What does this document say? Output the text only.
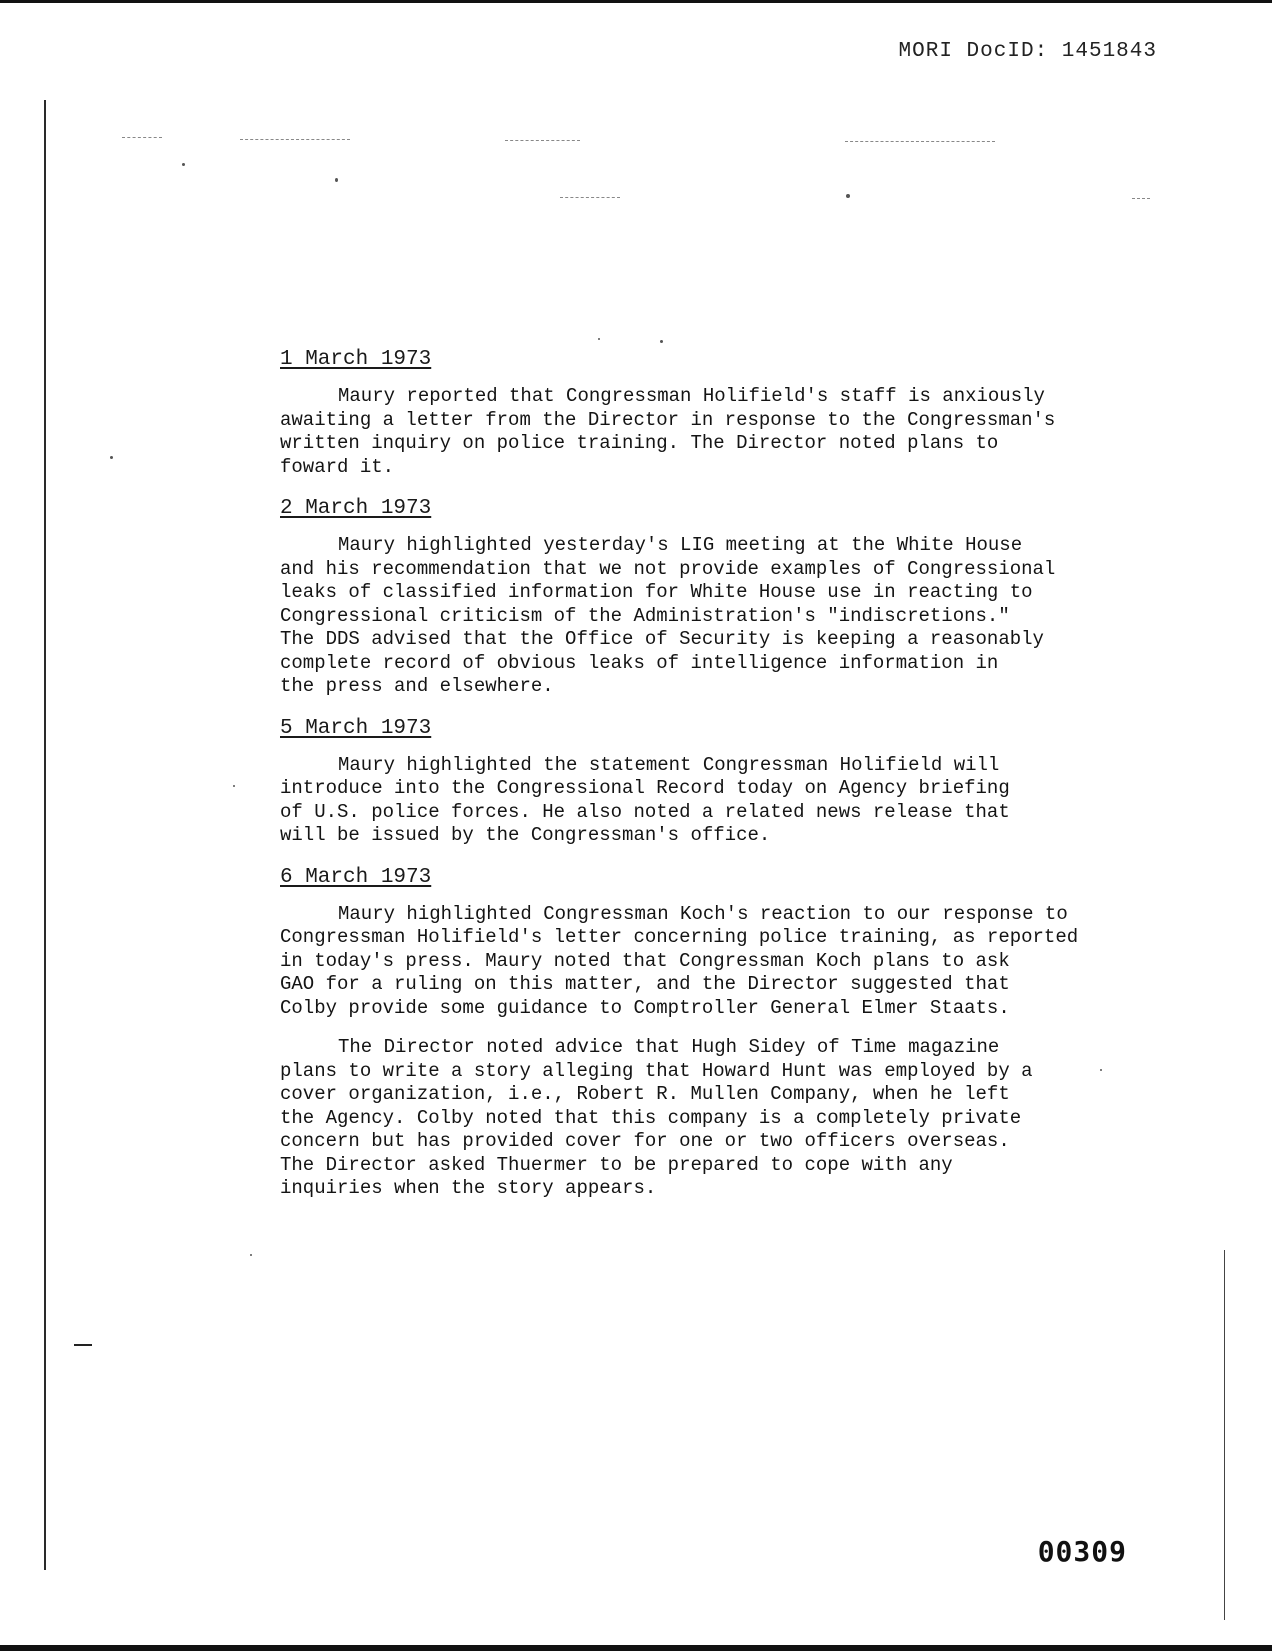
MORI DocID: 1451843
1 March 1973

Maury reported that Congressman Holifield's staff is anxiously
awaiting a letter from the Director in response to the Congressman's
written inquiry on police training. The Director noted plans to
foward it.

2 March 1973

Maury highlighted yesterday's LIG meeting at the White House
and his recommendation that we not provide examples of Congressional
leaks of classified information for White House use in reacting to
Congressional criticism of the Administration's "indiscretions."
The DDS advised that the Office of Security is keeping a reasonably
complete record of obvious leaks of intelligence information in
the press and elsewhere.

5 March 1973

Maury highlighted the statement Congressman Holifield will
introduce into the Congressional Record today on Agency briefing
of U.S. police forces. He also noted a related news release that
will be issued by the Congressman's office.

6 March 1973

Maury highlighted Congressman Koch's reaction to our response to
Congressman Holifield's letter concerning police training, as reported
in today's press. Maury noted that Congressman Koch plans to ask
GAO for a ruling on this matter, and the Director suggested that
Colby provide some guidance to Comptroller General Elmer Staats.

The Director noted advice that Hugh Sidey of Time magazine
plans to write a story alleging that Howard Hunt was employed by a
cover organization, i.e., Robert R. Mullen Company, when he left
the Agency. Colby noted that this company is a completely private
concern but has provided cover for one or two officers overseas.
The Director asked Thuermer to be prepared to cope with any
inquiries when the story appears.

00309
